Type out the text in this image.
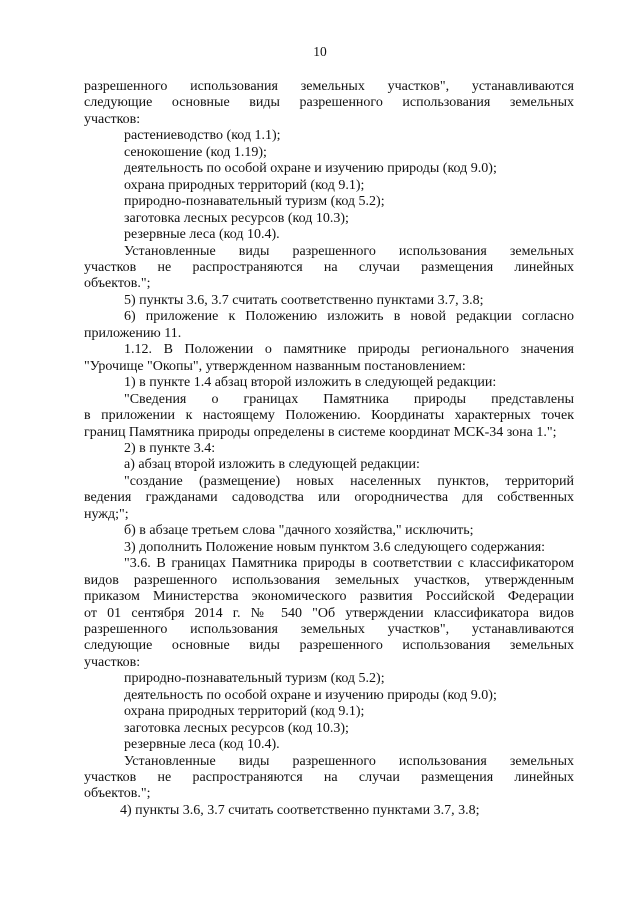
10
разрешенного использования земельных участков", устанавливаются
следующие основные виды разрешенного использования земельных
участков:
растениеводство (код 1.1);
сенокошение (код 1.19);
деятельность по особой охране и изучению природы (код 9.0);
охрана природных территорий (код 9.1);
природно-познавательный туризм (код 5.2);
заготовка лесных ресурсов (код 10.3);
резервные леса (код 10.4).
Установленные виды разрешенного использования земельных
участков не распространяются на случаи размещения линейных
объектов.";
5) пункты 3.6, 3.7 считать соответственно пунктами 3.7, 3.8;
6) приложение к Положению изложить в новой редакции согласно
приложению 11.
1.12. В Положении о памятнике природы регионального значения
"Урочище "Окопы", утвержденном названным постановлением:
1) в пункте 1.4 абзац второй изложить в следующей редакции:
"Сведения о границах Памятника природы представлены
в приложении к настоящему Положению. Координаты характерных точек
границ Памятника природы определены в системе координат МСК-34 зона 1.";
2) в пункте 3.4:
а) абзац второй изложить в следующей редакции:
"создание (размещение) новых населенных пунктов, территорий
ведения гражданами садоводства или огородничества для собственных
нужд;";
б) в абзаце третьем слова "дачного хозяйства," исключить;
3) дополнить Положение новым пунктом 3.6 следующего содержания:
"3.6. В границах Памятника природы в соответствии с классификатором
видов разрешенного использования земельных участков, утвержденным
приказом Министерства экономического развития Российской Федерации
от 01 сентября 2014 г. № 540 "Об утверждении классификатора видов
разрешенного использования земельных участков", устанавливаются
следующие основные виды разрешенного использования земельных
участков:
природно-познавательный туризм (код 5.2);
деятельность по особой охране и изучению природы (код 9.0);
охрана природных территорий (код 9.1);
заготовка лесных ресурсов (код 10.3);
резервные леса (код 10.4).
Установленные виды разрешенного использования земельных
участков не распространяются на случаи размещения линейных
объектов.";
4) пункты 3.6, 3.7 считать соответственно пунктами 3.7, 3.8;
